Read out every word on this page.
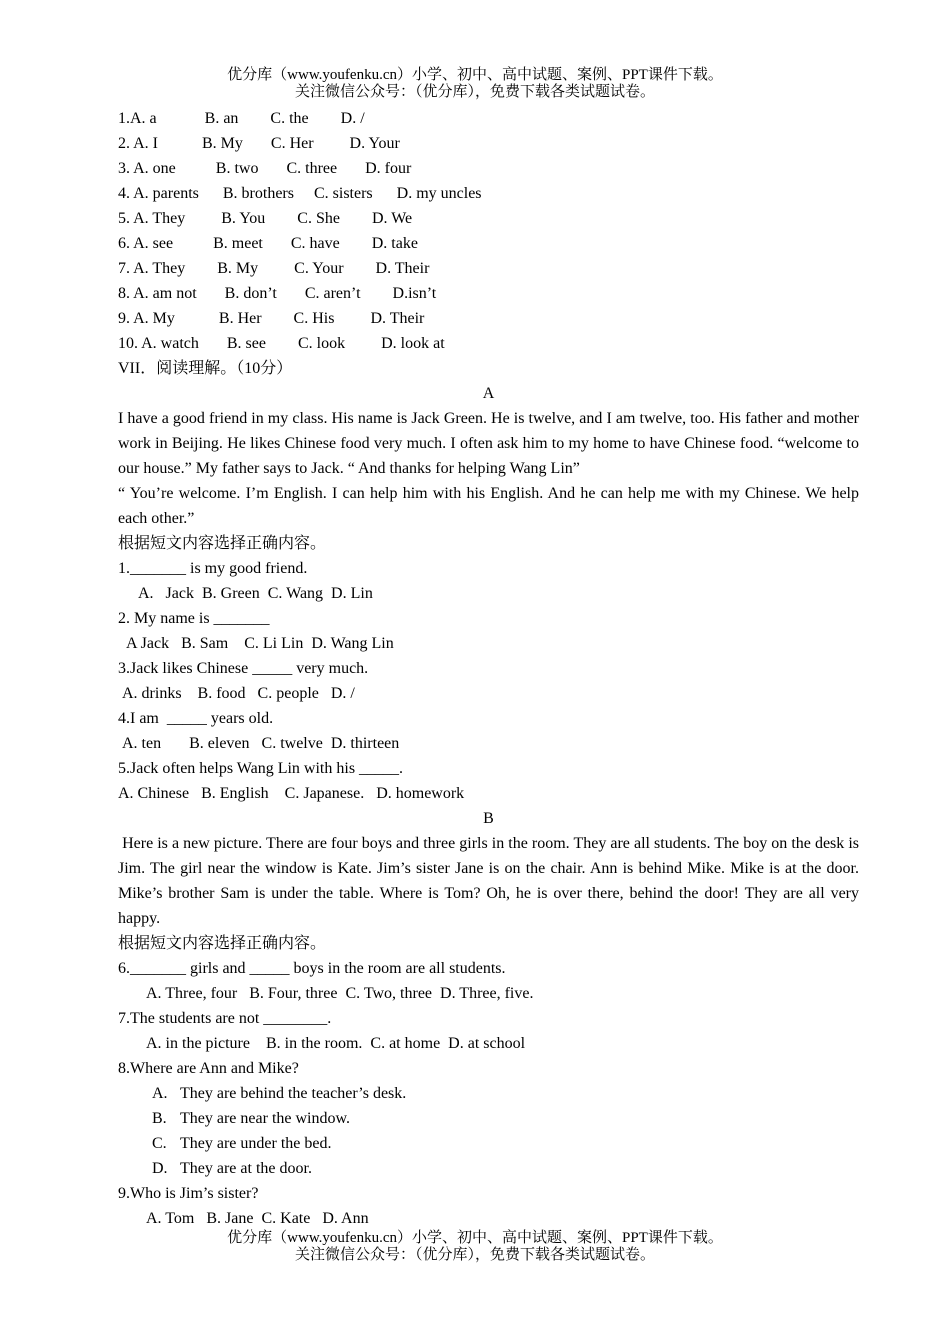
优分库（www.youfenku.cn）小学、初中、高中试题、案例、PPT课件下载。
关注微信公众号：（优分库），免费下载各类试题试卷。
1.A. a            B. an        C. the        D. /
2. A. I           B. My       C. Her         D. Your
3. A. one          B. two       C. three       D. four
4. A. parents      B. brothers     C. sisters      D. my uncles
5. A. They         B. You        C. She        D. We
6. A. see          B. meet       C. have        D. take
7. A. They        B. My         C. Your        D. Their
8. A. am not       B. don’t       C. aren’t        D.isn’t
9. A. My           B. Her        C. His         D. Their
10. A. watch       B. see        C. look         D. look at
VII．阅读理解。（10分）
A
I have a good friend in my class. His name is Jack Green. He is twelve, and I am twelve, too. His father and mother work in Beijing. He likes Chinese food very much. I often ask him to my home to have Chinese food. “welcome to our house.” My father says to Jack. “ And thanks for helping Wang Lin”
“ You’re welcome. I’m English. I can help him with his English. And he can help me with my Chinese. We help each other.”
根据短文内容选择正确内容。
1._______ is my good friend.
A.   Jack  B. Green  C. Wang  D. Lin
2. My name is _______
A Jack   B. Sam    C. Li Lin  D. Wang Lin
3.Jack likes Chinese _____ very much.
A. drinks    B. food   C. people   D. /
4.I am  _____ years old.
A. ten       B. eleven   C. twelve  D. thirteen
5.Jack often helps Wang Lin with his _____.
A. Chinese   B. English    C. Japanese.   D. homework
B
Here is a new picture. There are four boys and three girls in the room. They are all students. The boy on the desk is Jim. The girl near the window is Kate. Jim’s sister Jane is on the chair. Ann is behind Mike. Mike is at the door. Mike’s brother Sam is under the table. Where is Tom? Oh, he is over there, behind the door! They are all very happy.
根据短文内容选择正确内容。
6._______ girls and _____ boys in the room are all students.
A. Three, four   B. Four, three  C. Two, three  D. Three, five.
7.The students are not ________.
A. in the picture    B. in the room.  C. at home  D. at school
8.Where are Ann and Mike?
A. They are behind the teacher’s desk.
B. They are near the window.
C. They are under the bed.
D. They are at the door.
9.Who is Jim’s sister?
A. Tom   B. Jane  C. Kate   D. Ann
优分库（www.youfenku.cn）小学、初中、高中试题、案例、PPT课件下载。
关注微信公众号：（优分库），免费下载各类试题试卷。
